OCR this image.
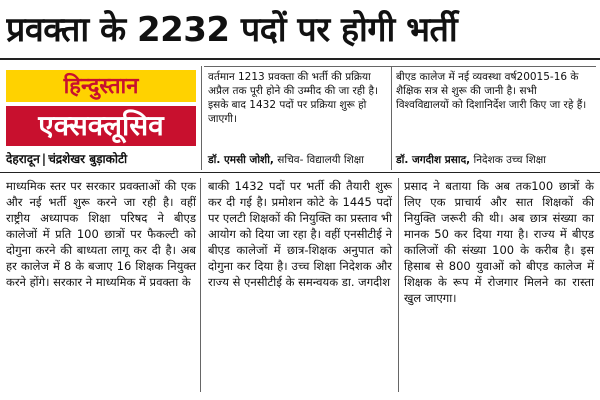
प्रवक्ता के 2232 पदों पर होगी भर्ती
हिन्दुस्तान
एक्सक्लूसिव
देहरादून | चंद्रशेखर बुड़ाकोटी
वर्तमान 1213 प्रवक्ता की भर्ती की प्रक्रिया अप्रैल तक पूरी होने की उम्मीद की जा रही है। इसके बाद 1432 पदों पर प्रक्रिया शुरू हो जाएगी।
बीएड कालेज में नई व्यवस्था वर्ष20015-16 के शैक्षिक सत्र से शुरू की जानी है। सभी विश्वविद्यालयों को दिशानिर्देश जारी किए जा रहे हैं।
डॉ. एमसी जोशी, सचिव- विद्यालयी शिक्षा	डॉ. जगदीश प्रसाद, निदेशक उच्च शिक्षा
माध्यमिक स्तर पर सरकार प्रवक्ताओं की एक और नई भर्ती शुरू करने जा रही है। वहीं राष्ट्रीय अध्यापक शिक्षा परिषद ने बीएड कालेजों में प्रति 100 छात्रों पर फैकल्टी को दोगुना करने की बाध्यता लागू कर दी है। अब हर कालेज में 8 के बजाए 16 शिक्षक नियुक्त करने होंगे। सरकार ने माध्यमिक में प्रवक्ता के
बाकी 1432 पदों पर भर्ती की तैयारी शुरू कर दी गई है। प्रमोशन कोटे के 1445 पदों पर एलटी शिक्षकों की नियुक्ति का प्रस्ताव भी आयोग को दिया जा रहा है। वहीं एनसीटीई ने बीएड कालेजों में छात्र-शिक्षक अनुपात को दोगुना कर दिया है। उच्च शिक्षा निदेशक और राज्य से एनसीटीई के समन्वयक डा. जगदीश
प्रसाद ने बताया कि अब तक100 छात्रों के लिए एक प्राचार्य और सात शिक्षकों की नियुक्ति जरूरी की थी। अब छात्र संख्या का मानक 50 कर दिया गया है। राज्य में बीएड कालिजों की संख्या 100 के करीब है। इस हिसाब से 800 युवाओं को बीएड कालेज में शिक्षक के रूप में रोजगार मिलने का रास्ता खुल जाएगा।
